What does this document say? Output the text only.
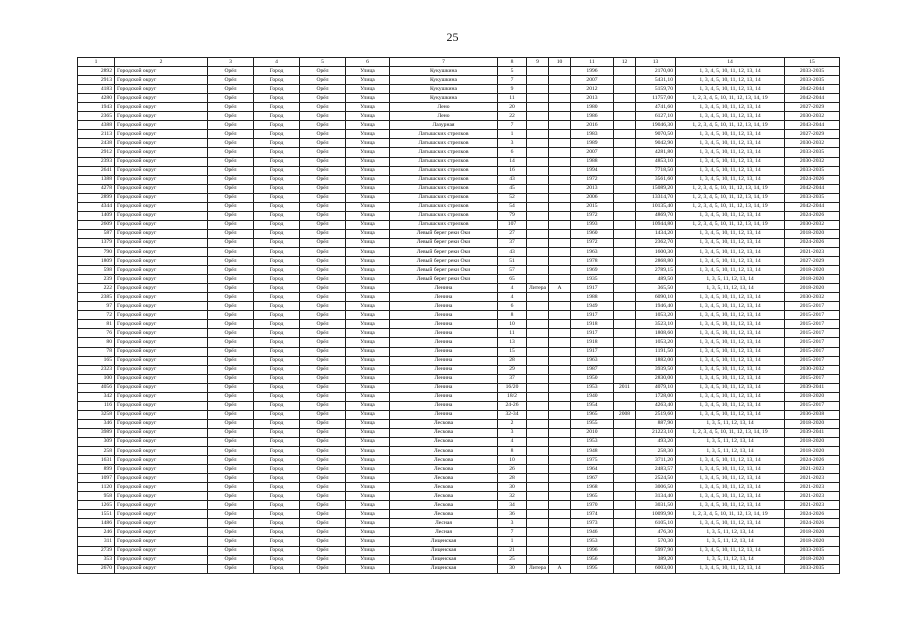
25
1	2	3	4	5	6	7	8	9	10	11	12	13	14	15
2892	Городской округ	Орёл	Город	Орёл	Улица	Кукушкина	5			1996		2170,00	1, 3, 4, 5, 10, 11, 12, 13, 14	2033-2035
2913	Городской округ	Орёл	Город	Орёл	Улица	Кукушкина	7			2007		5431,10	1, 3, 4, 5, 10, 11, 12, 13, 14	2033-2035
4183	Городской округ	Орёл	Город	Орёл	Улица	Кукушкина	9			2012		5159,70	1, 3, 4, 5, 10, 11, 12, 13, 14	2042-2044
4280	Городской округ	Орёл	Город	Орёл	Улица	Кукушкина	11			2013		11757,00	1, 2, 3, 4, 5, 10, 11, 12, 13, 14, 19	2042-2044
1943	Городской округ	Орёл	Город	Орёл	Улица	Лено	20			1980		4741,60	1, 3, 4, 5, 10, 11, 12, 13, 14	2027-2029
2365	Городской округ	Орёл	Город	Орёл	Улица	Лено	22			1986		6127,10	1, 3, 4, 5, 10, 11, 12, 13, 14	2030-2032
4388	Городской округ	Орёл	Город	Орёл	Улица	Лазурная	7			2016		19046,30	1, 2, 3, 4, 5, 10, 11, 12, 13, 14, 19	2043-2044
2113	Городской округ	Орёл	Город	Орёл	Улица	Латышских стрелков	1			1983		9070,50	1, 3, 4, 5, 10, 11, 12, 13, 14	2027-2029
2438	Городской округ	Орёл	Город	Орёл	Улица	Латышских стрелков	3			1989		9042,90	1, 3, 4, 5, 10, 11, 12, 13, 14	2030-2032
2912	Городской округ	Орёл	Город	Орёл	Улица	Латышских стрелков	6			2007		4281,80	1, 3, 4, 5, 10, 11, 12, 13, 14	2033-2035
2393	Городской округ	Орёл	Город	Орёл	Улица	Латышских стрелков	14			1988		4853,10	1, 3, 4, 5, 10, 11, 12, 13, 14	2030-2032
2641	Городской округ	Орёл	Город	Орёл	Улица	Латышских стрелков	16			1994		7718,50	1, 3, 4, 5, 10, 11, 12, 13, 14	2033-2035
1388	Городской округ	Орёл	Город	Орёл	Улица	Латышских стрелков	43			1972		3561,60	1, 3, 4, 5, 10, 11, 12, 13, 14	2024-2026
4278	Городской округ	Орёл	Город	Орёл	Улица	Латышских стрелков	45			2013		15089,20	1, 2, 3, 4, 5, 10, 11, 12, 13, 14, 19	2042-2044
2899	Городской округ	Орёл	Город	Орёл	Улица	Латышских стрелков	52			2006		13314,70	1, 2, 3, 4, 5, 10, 11, 12, 13, 14, 19	2033-2035
4344	Городской округ	Орёл	Город	Орёл	Улица	Латышских стрелков	54			2015		10135,40	1, 2, 3, 4, 5, 10, 11, 12, 13, 14, 19	2042-2044
1409	Городской округ	Орёл	Город	Орёл	Улица	Латышских стрелков	79			1972		4869,70	1, 3, 4, 5, 10, 11, 12, 13, 14	2024-2026
2609	Городской округ	Орёл	Город	Орёл	Улица	Латышских стрелков	107			1993		10944,80	1, 2, 3, 4, 5, 10, 11, 12, 13, 14, 19	2030-2032
587	Городской округ	Орёл	Город	Орёл	Улица	Левый берег реки Оки	27			1960		1434,20	1, 3, 4, 5, 10, 11, 12, 13, 14	2018-2020
1379	Городской округ	Орёл	Город	Орёл	Улица	Левый берег реки Оки	37			1972		2362,70	1, 3, 4, 5, 10, 11, 12, 13, 14	2024-2026
790	Городской округ	Орёл	Город	Орёл	Улица	Левый берег реки Оки	43			1963		1600,30	1, 3, 4, 5, 10, 11, 12, 13, 14	2021-2023
1809	Городской округ	Орёл	Город	Орёл	Улица	Левый берег реки Оки	51			1978		2868,80	1, 3, 4, 5, 10, 11, 12, 13, 14	2027-2029
598	Городской округ	Орёл	Город	Орёл	Улица	Левый берег реки Оки	57			1969		2789,15	1, 3, 4, 5, 10, 11, 12, 13, 14	2018-2020
239	Городской округ	Орёл	Город	Орёл	Улица	Левый берег реки Оки	65			1935		489,50	1, 3, 5, 11, 12, 13, 14	2018-2020
222	Городской округ	Орёл	Город	Орёл	Улица	Ленина	4	Литера	А	1917		365,50	1, 3, 5, 11, 12, 13, 14	2018-2020
2385	Городской округ	Орёл	Город	Орёл	Улица	Ленина	4			1988		6090,10	1, 3, 4, 5, 10, 11, 12, 13, 14	2030-2032
97	Городской округ	Орёл	Город	Орёл	Улица	Ленина	6			1949		1946,40	1, 3, 4, 5, 10, 11, 12, 13, 14	2015-2017
72	Городской округ	Орёл	Город	Орёл	Улица	Ленина	8			1917		1053,20	1, 3, 4, 5, 10, 11, 12, 13, 14	2015-2017
81	Городской округ	Орёл	Город	Орёл	Улица	Ленина	10			1918		3523,10	1, 3, 4, 5, 10, 11, 12, 13, 14	2015-2017
76	Городской округ	Орёл	Город	Орёл	Улица	Ленина	11			1917		1808,60	1, 3, 4, 5, 10, 11, 12, 13, 14	2015-2017
80	Городской округ	Орёл	Город	Орёл	Улица	Ленина	13			1918		1053,20	1, 3, 4, 5, 10, 11, 12, 13, 14	2015-2017
78	Городской округ	Орёл	Город	Орёл	Улица	Ленина	15			1917		1191,50	1, 3, 4, 5, 10, 11, 12, 13, 14	2015-2017
165	Городской округ	Орёл	Город	Орёл	Улица	Ленина	28			1963		1882,00	1, 3, 4, 5, 10, 11, 12, 13, 14	2015-2017
2323	Городской округ	Орёл	Город	Орёл	Улица	Ленина	29			1987		3939,50	1, 3, 4, 5, 10, 11, 12, 13, 14	2030-2032
100	Городской округ	Орёл	Город	Орёл	Улица	Ленина	37			1950		2830,00	1, 3, 4, 5, 10, 11, 12, 13, 14	2015-2017
4056	Городской округ	Орёл	Город	Орёл	Улица	Ленина	16/20			1953	2011	4079,10	1, 3, 4, 5, 10, 11, 12, 13, 14	2039-2041
342	Городской округ	Орёл	Город	Орёл	Улица	Ленина	18/2			1940		1728,00	1, 3, 4, 5, 10, 11, 12, 13, 14	2018-2020
116	Городской округ	Орёл	Город	Орёл	Улица	Ленина	24-26			1954		4263,40	1, 3, 4, 5, 10, 11, 12, 13, 14	2015-2017
3258	Городской округ	Орёл	Город	Орёл	Улица	Ленина	32-34			1965	2008	2519,60	1, 3, 4, 5, 10, 11, 12, 13, 14	2036-2038
346	Городской округ	Орёл	Город	Орёл	Улица	Лескова	2			1955		887,90	1, 3, 5, 11, 12, 13, 14	2018-2020
3989	Городской округ	Орёл	Город	Орёл	Улица	Лескова	3			2010		21223,10	1, 2, 3, 4, 5, 10, 11, 12, 13, 14, 19	2039-2041
309	Городской округ	Орёл	Город	Орёл	Улица	Лескова	4			1953		493,20	1, 3, 5, 11, 12, 13, 14	2018-2020
258	Городской округ	Орёл	Город	Орёл	Улица	Лескова	8			1948		258,30	1, 3, 5, 11, 12, 13, 14	2018-2020
1631	Городской округ	Орёл	Город	Орёл	Улица	Лескова	10			1975		3711,20	1, 3, 4, 5, 10, 11, 12, 13, 14	2024-2026
899	Городской округ	Орёл	Город	Орёл	Улица	Лескова	26			1964		2483,57	1, 3, 4, 5, 10, 11, 12, 13, 14	2021-2023
1097	Городской округ	Орёл	Город	Орёл	Улица	Лескова	28			1967		2524,50	1, 3, 4, 5, 10, 11, 12, 13, 14	2021-2023
1120	Городской округ	Орёл	Город	Орёл	Улица	Лескова	30			1968		3006,50	1, 3, 4, 5, 10, 11, 12, 13, 14	2021-2023
958	Городской округ	Орёл	Город	Орёл	Улица	Лескова	32			1965		3134,40	1, 3, 4, 5, 10, 11, 12, 13, 14	2021-2023
1265	Городской округ	Орёл	Город	Орёл	Улица	Лескова	34			1970		3031,50	1, 3, 4, 5, 10, 11, 12, 13, 14	2021-2023
1551	Городской округ	Орёл	Город	Орёл	Улица	Лескова	36			1974		10099,90	1, 2, 3, 4, 5, 10, 11, 12, 13, 14, 19	2024-2026
1486	Городской округ	Орёл	Город	Орёл	Улица	Лесная	3			1973		6105,10	1, 3, 4, 5, 10, 11, 12, 13, 14	2024-2026
246	Городской округ	Орёл	Город	Орёл	Улица	Лесная	7			1946		476,30	1, 3, 5, 11, 12, 13, 14	2018-2020
311	Городской округ	Орёл	Город	Орёл	Улица	Лиценская	1			1953		570,30	1, 3, 5, 11, 12, 13, 14	2018-2020
2739	Городской округ	Орёл	Город	Орёл	Улица	Лиценская	21			1996		5997,90	1, 3, 4, 5, 10, 11, 12, 13, 14	2033-2035
353	Городской округ	Орёл	Город	Орёл	Улица	Лиценская	25			1956		389,20	1, 3, 5, 11, 12, 13, 14	2018-2020
2670	Городской округ	Орёл	Город	Орёл	Улица	Лиценская	30	Литера	А	1995		6003,00	1, 3, 4, 5, 10, 11, 12, 13, 14	2033-2035
